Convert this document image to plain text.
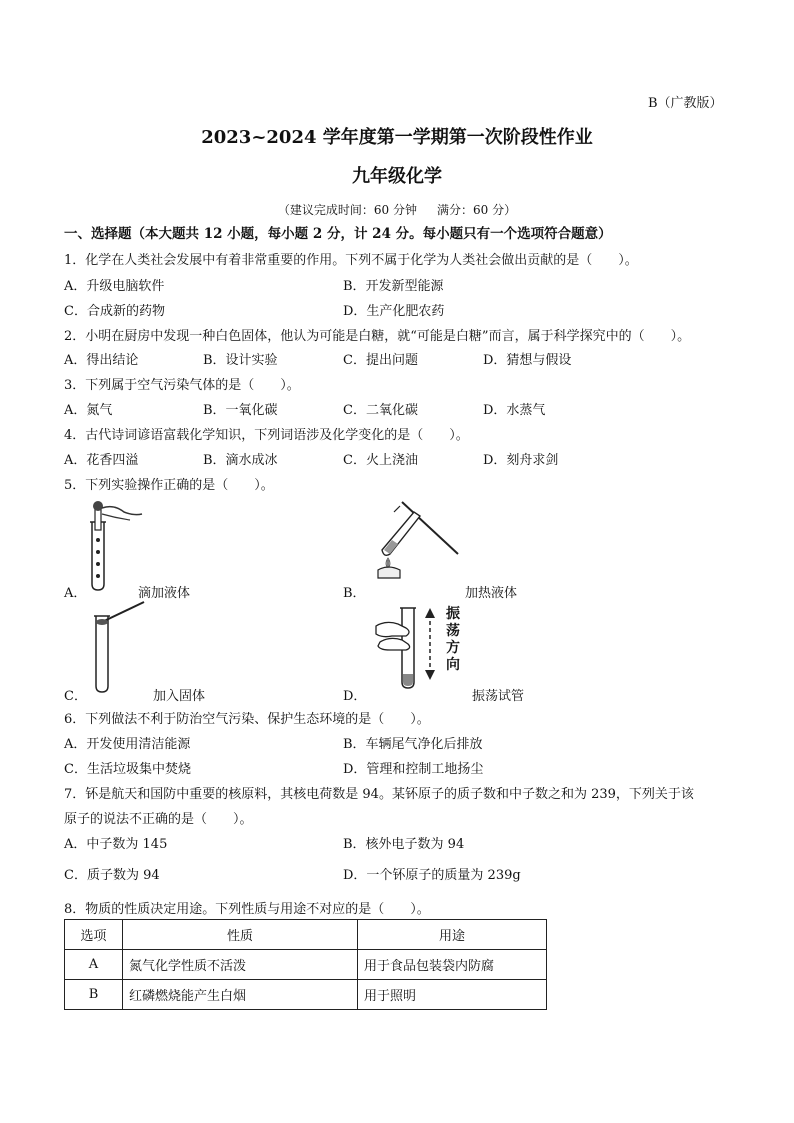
B（广教版）
2023~2024 学年度第一学期第一次阶段性作业
九年级化学
（建议完成时间：60 分钟 满分：60 分）
一、选择题（本大题共 12 小题，每小题 2 分，计 24 分。每小题只有一个选项符合题意）
1．化学在人类社会发展中有着非常重要的作用。下列不属于化学为人类社会做出贡献的是（　　）。
A．升级电脑软件	B．开发新型能源
C．合成新的药物	D．生产化肥农药
2．小明在厨房中发现一种白色固体，他认为可能是白糖，就“可能是白糖”而言，属于科学探究中的（　　）。
A．得出结论	B．设计实验	C．提出问题	D．猜想与假设
3．下列属于空气污染气体的是（　　）。
A．氮气	B．一氧化碳	C．二氧化碳	D．水蒸气
4．古代诗词谚语富载化学知识，下列词语涉及化学变化的是（　　）。
A．花香四溢	B．滴水成冰	C．火上浇油	D．刻舟求剑
5．下列实验操作正确的是（　　）。
A．	滴加液体	B．	加热液体
C．	加入固体
振荡方向
D．	振荡试管
6．下列做法不利于防治空气污染、保护生态环境的是（　　）。
A．开发使用清洁能源	B．车辆尾气净化后排放
C．生活垃圾集中焚烧	D．管理和控制工地扬尘
7．钚是航天和国防中重要的核原料，其核电荷数是 94。某钚原子的质子数和中子数之和为 239，下列关于该
原子的说法不正确的是（　　）。
A．中子数为 145	B．核外电子数为 94
C．质子数为 94	D．一个钚原子的质量为 239g
8．物质的性质决定用途。下列性质与用途不对应的是（　　）。
选项	性质	用途
A	氮气化学性质不活泼	用于食品包装袋内防腐
B	红磷燃烧能产生白烟	用于照明
